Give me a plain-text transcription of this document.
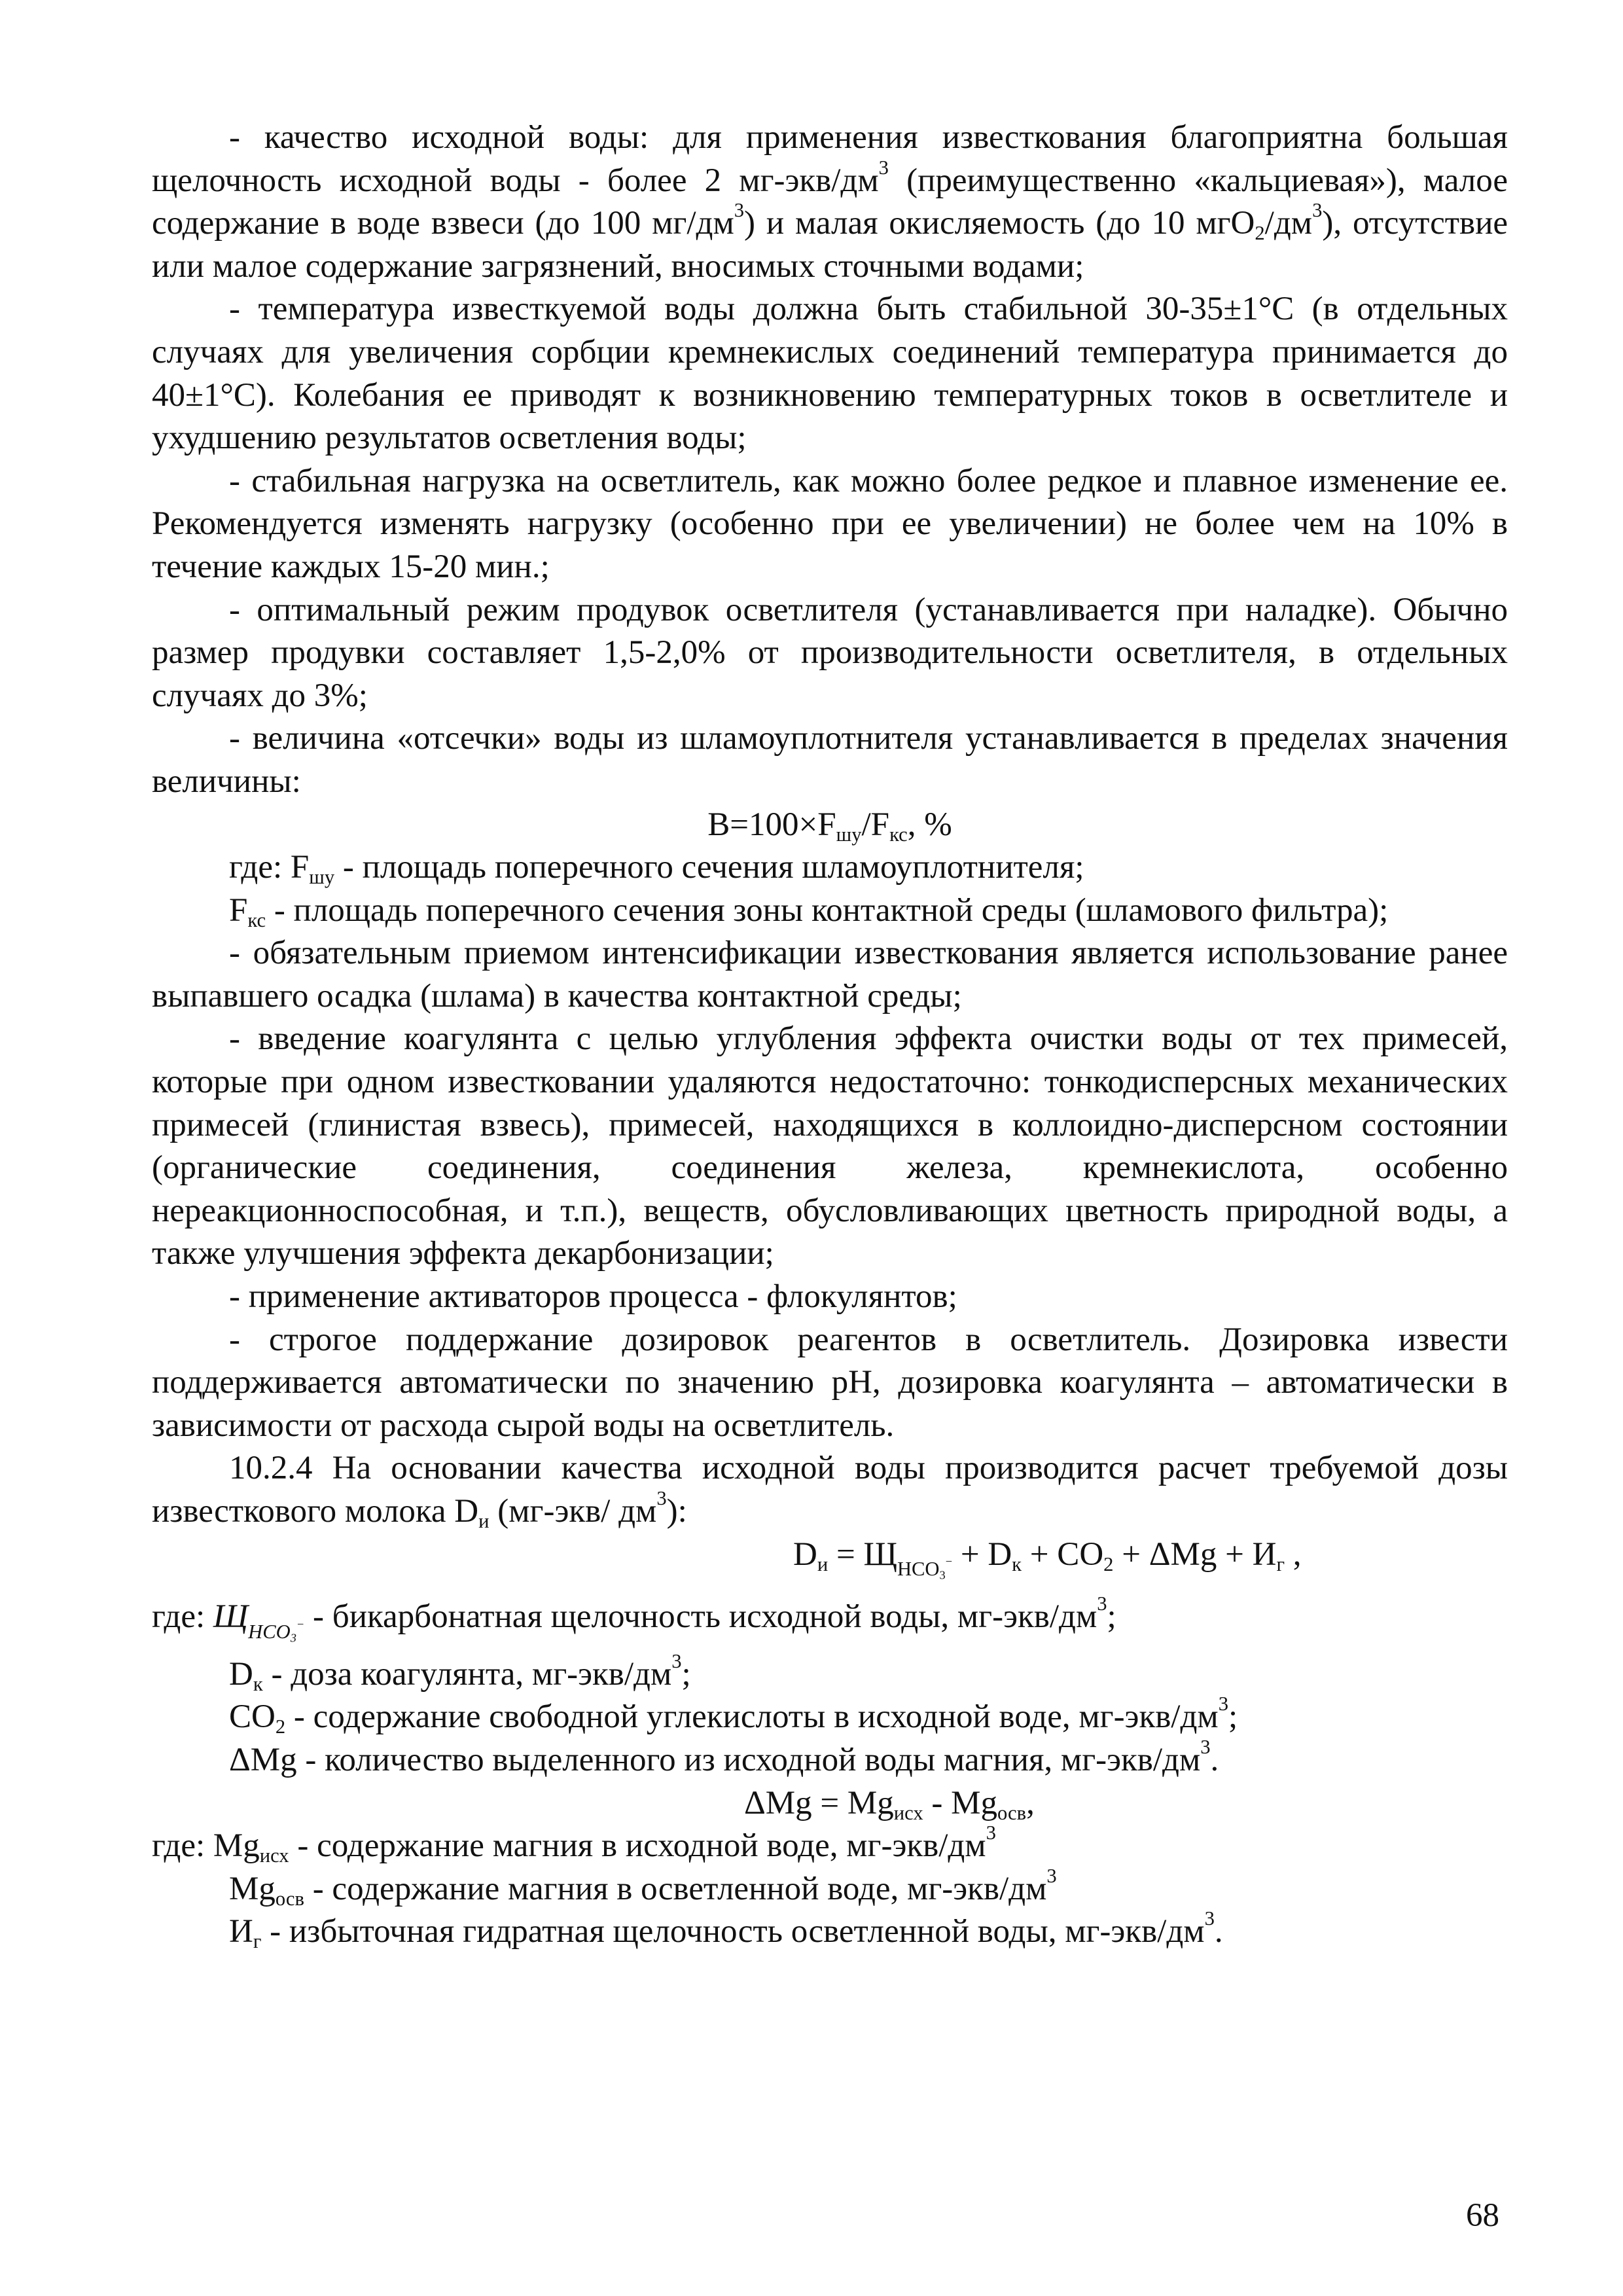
- качество исходной воды: для применения известкования благоприятна большая щелочность исходной воды - более 2 $мг-экв/дм^3$ (преимущественно «кальциевая»), малое содержание в воде взвеси (до 100 $мг/дм^3$) и малая окисляемость (до 10 $мгО_2/дм^3$), отсутствие или малое содержание загрязнений, вносимых сточными водами;

- температура известкуемой воды должна быть стабильной 30-35±1°С (в отдельных случаях для увеличения сорбции кремнекислых соединений температура принимается до 40±1°С). Колебания ее приводят к возникновению температурных токов в осветлителе и ухудшению результатов осветления воды;

- стабильная нагрузка на осветлитель, как можно более редкое и плавное изменение ее. Рекомендуется изменять нагрузку (особенно при ее увеличении) не более чем на 10% в течение каждых 15-20 мин.;

- оптимальный режим продувок осветлителя (устанавливается при наладке). Обычно размер продувки составляет 1,5-2,0% от производительности осветлителя, в отдельных случаях до 3%;

- величина «отсечки» воды из шламоуплотнителя устанавливается в пределах значения величины:

$В=100\times F_{шу}/F_{кс}$, %

где: $F_{шу}$ - площадь поперечного сечения шламоуплотнителя;

$F_{кс}$ - площадь поперечного сечения зоны контактной среды (шламового фильтра);

- обязательным приемом интенсификации известкования является использование ранее выпавшего осадка (шлама) в качества контактной среды;

- введение коагулянта с целью углубления эффекта очистки воды от тех примесей, которые при одном известковании удаляются недостаточно: тонкодисперсных механических примесей (глинистая взвесь), примесей, находящихся в коллоидно-дисперсном состоянии (органические соединения, соединения железа, кремнекислота, особенно нереакционноспособная, и т.п.), веществ, обусловливающих цветность природной воды, а также улучшения эффекта декарбонизации;

- применение активаторов процесса - флокулянтов;

- строгое поддержание дозировок реагентов в осветлитель. Дозировка извести поддерживается автоматически по значению pH, дозировка коагулянта – автоматически в зависимости от расхода сырой воды на осветлитель.

10.2.4 На основании качества исходной воды производится расчет требуемой дозы известкового молока $D_и$ (мг-экв/ $дм^3$):

$D_и = Щ_{HCO_3^-} + D_к + CO_2 + \Delta Mg + И_г$ ,

где: $Щ_{HCO_3^-}$ - бикарбонатная щелочность исходной воды, $мг-экв/дм^3$;

$D_к$ - доза коагулянта, $мг-экв/дм^3$;

$CO_2$ - содержание свободной углекислоты в исходной воде, $мг-экв/дм^3$;

ΔMg - количество выделенного из исходной воды магния, $мг-экв/дм^3$.

$\Delta Mg = Mg_{исх} - Mg_{осв}$,

где: $Mg_{исх}$ - содержание магния в исходной воде, $мг-экв/дм^3$

$Mg_{осв}$ - содержание магния в осветленной воде, $мг-экв/дм^3$

$И_г$ - избыточная гидратная щелочность осветленной воды, $мг-экв/дм^3$.

68
